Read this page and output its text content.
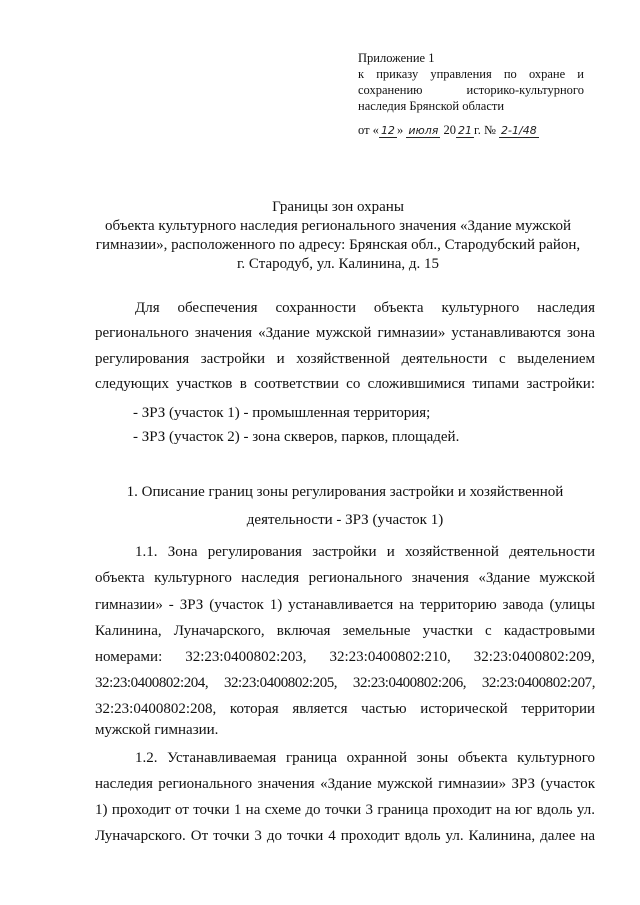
Приложение 1
к приказу управления по охране и
сохранению историко-культурного
наследия Брянской области
от « 12 » июля 20 21 г. № 2-1/48
Границы зон охраны
объекта культурного наследия регионального значения «Здание мужской
гимназии», расположенного по адресу: Брянская обл., Стародубский район,
г. Стародуб, ул. Калинина, д. 15
Для обеспечения сохранности объекта культурного наследия
регионального значения «Здание мужской гимназии» устанавливаются зона
регулирования застройки и хозяйственной деятельности с выделением
следующих участков в соответствии со сложившимися типами застройки:
- ЗРЗ (участок 1) - промышленная территория;
- ЗРЗ (участок 2) - зона скверов, парков, площадей.
1. Описание границ зоны регулирования застройки и хозяйственной
деятельности - ЗРЗ (участок 1)
1.1. Зона регулирования застройки и хозяйственной деятельности
объекта культурного наследия регионального значения «Здание мужской
гимназии» - ЗРЗ (участок 1) устанавливается на территорию завода (улицы
Калинина, Луначарского, включая земельные участки с кадастровыми
номерами: 32:23:0400802:203, 32:23:0400802:210, 32:23:0400802:209,
32:23:0400802:204, 32:23:0400802:205, 32:23:0400802:206, 32:23:0400802:207,
32:23:0400802:208, которая является частью исторической территории
мужской гимназии.
1.2. Устанавливаемая граница охранной зоны объекта культурного
наследия регионального значения «Здание мужской гимназии» ЗРЗ (участок
1) проходит от точки 1 на схеме до точки 3 граница проходит на юг вдоль ул.
Луначарского. От точки 3 до точки 4 проходит вдоль ул. Калинина, далее на
